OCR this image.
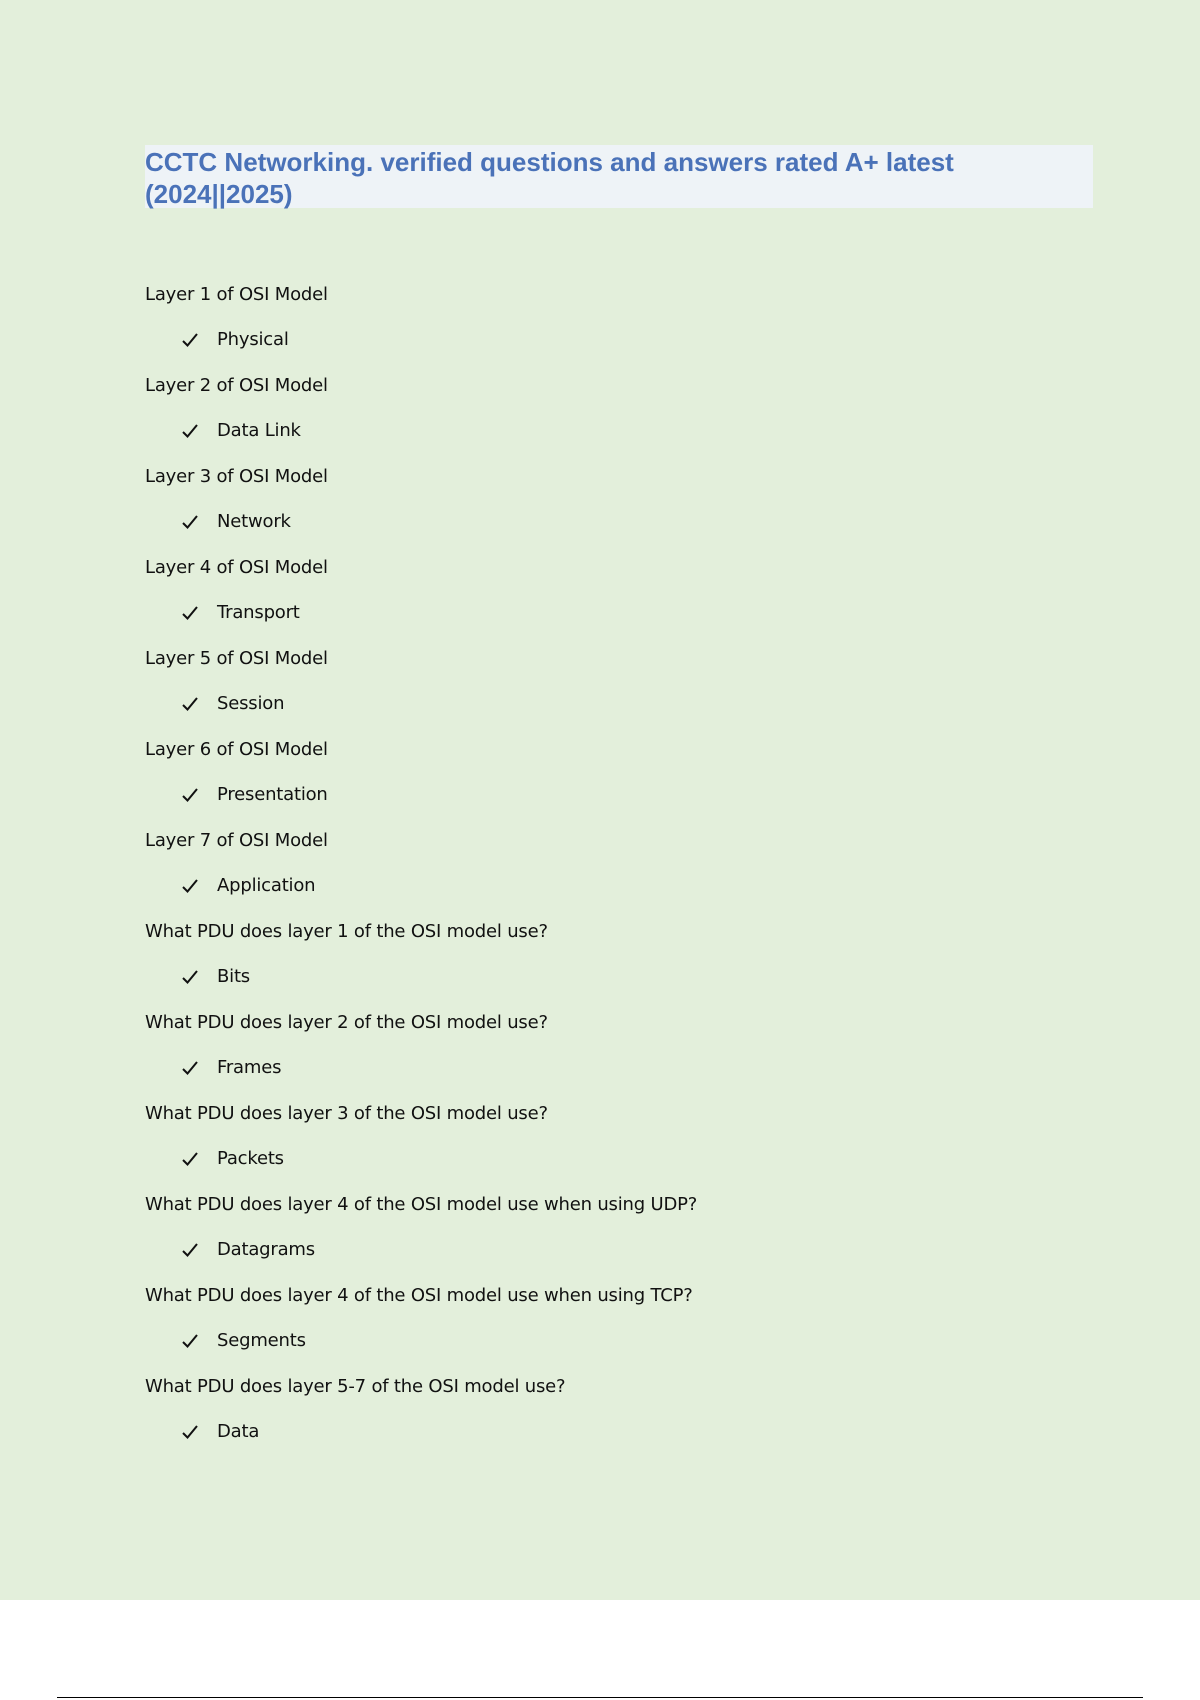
CCTC Networking. verified questions and answers rated A+ latest (2024||2025)
Layer 1 of OSI Model
Physical
Layer 2 of OSI Model
Data Link
Layer 3 of OSI Model
Network
Layer 4 of OSI Model
Transport
Layer 5 of OSI Model
Session
Layer 6 of OSI Model
Presentation
Layer 7 of OSI Model
Application
What PDU does layer 1 of the OSI model use?
Bits
What PDU does layer 2 of the OSI model use?
Frames
What PDU does layer 3 of the OSI model use?
Packets
What PDU does layer 4 of the OSI model use when using UDP?
Datagrams
What PDU does layer 4 of the OSI model use when using TCP?
Segments
What PDU does layer 5-7 of the OSI model use?
Data
